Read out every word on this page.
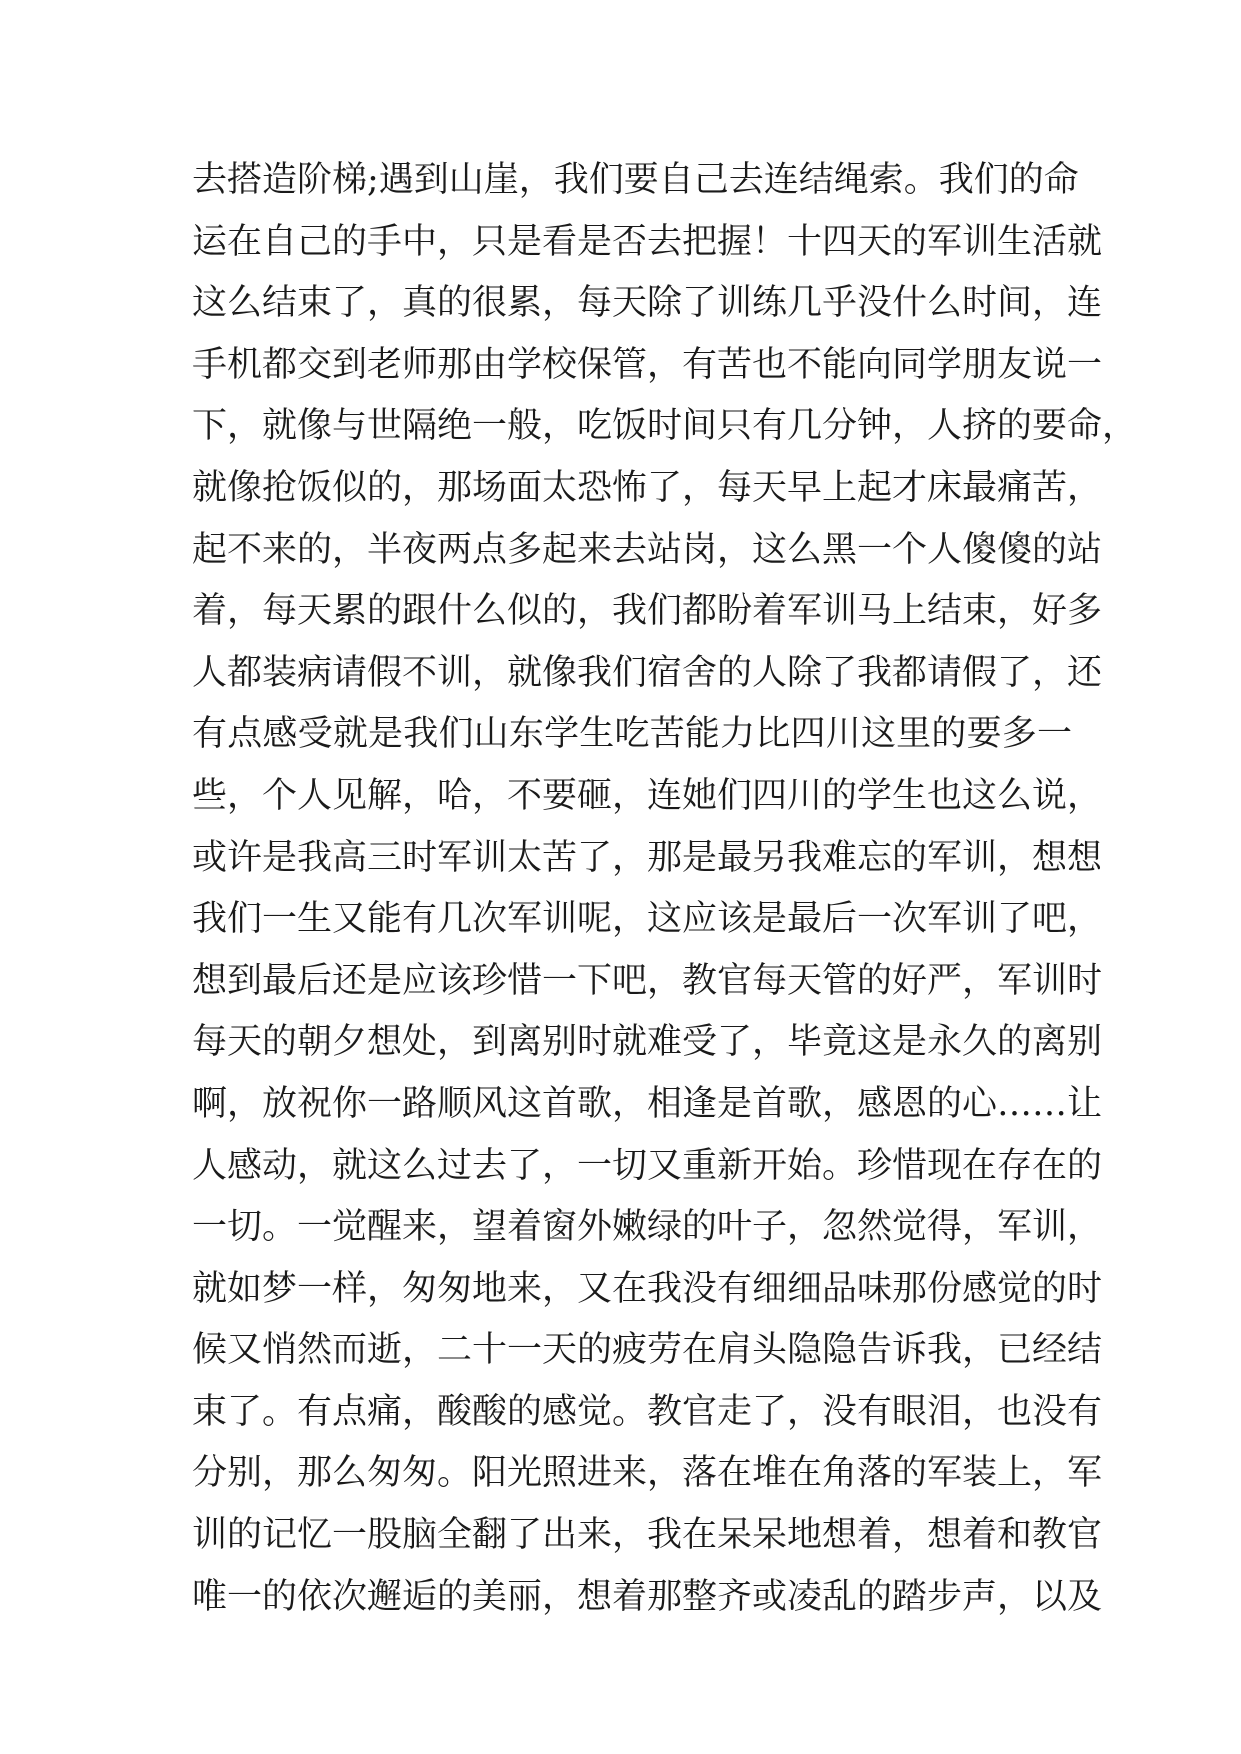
去搭造阶梯;遇到山崖，我们要自己去连结绳索。我们的命
运在自己的手中，只是看是否去把握！十四天的军训生活就
这么结束了，真的很累，每天除了训练几乎没什么时间，连
手机都交到老师那由学校保管，有苦也不能向同学朋友说一
下，就像与世隔绝一般，吃饭时间只有几分钟，人挤的要命，
就像抢饭似的，那场面太恐怖了，每天早上起才床最痛苦，
起不来的，半夜两点多起来去站岗，这么黑一个人傻傻的站
着，每天累的跟什么似的，我们都盼着军训马上结束，好多
人都装病请假不训，就像我们宿舍的人除了我都请假了，还
有点感受就是我们山东学生吃苦能力比四川这里的要多一
些，个人见解，哈，不要砸，连她们四川的学生也这么说，
或许是我高三时军训太苦了，那是最另我难忘的军训，想想
我们一生又能有几次军训呢，这应该是最后一次军训了吧，
想到最后还是应该珍惜一下吧，教官每天管的好严，军训时
每天的朝夕想处，到离别时就难受了，毕竟这是永久的离别
啊，放祝你一路顺风这首歌，相逢是首歌，感恩的心……让
人感动，就这么过去了，一切又重新开始。珍惜现在存在的
一切。一觉醒来，望着窗外嫩绿的叶子，忽然觉得，军训，
就如梦一样，匆匆地来，又在我没有细细品味那份感觉的时
候又悄然而逝，二十一天的疲劳在肩头隐隐告诉我，已经结
束了。有点痛，酸酸的感觉。教官走了，没有眼泪，也没有
分别，那么匆匆。阳光照进来，落在堆在角落的军装上，军
训的记忆一股脑全翻了出来，我在呆呆地想着，想着和教官
唯一的依次邂逅的美丽，想着那整齐或凌乱的踏步声，以及
